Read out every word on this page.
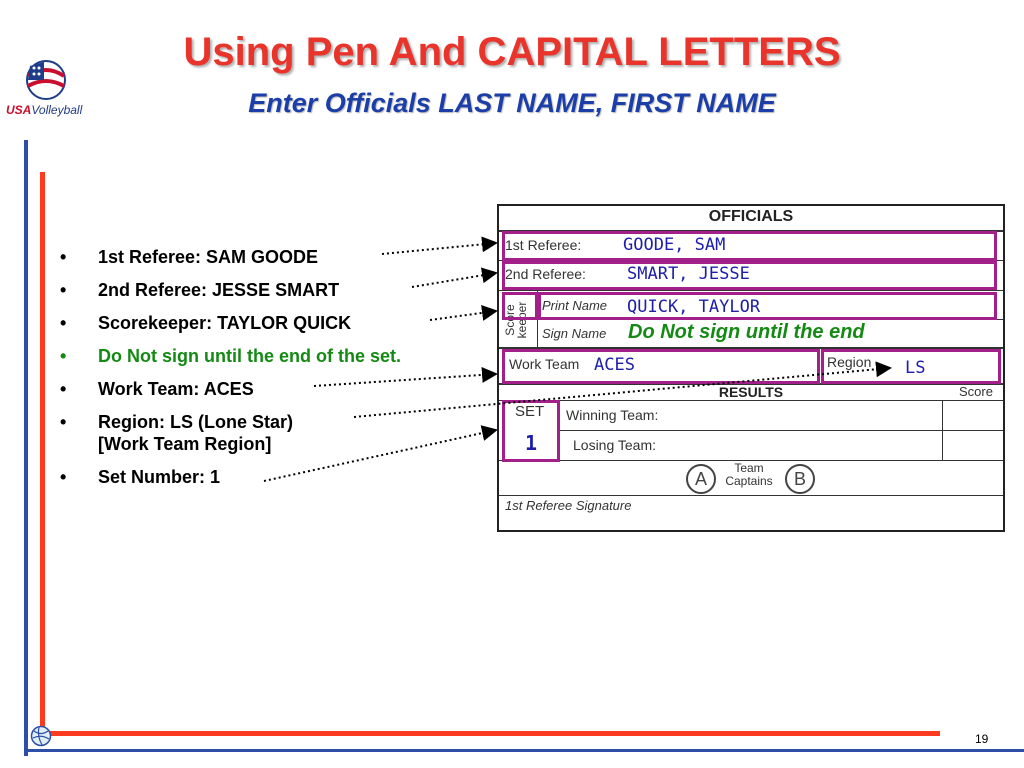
USAVolleyball
Using Pen And CAPITAL LETTERS
Enter Officials LAST NAME, FIRST NAME
19
• 1st Referee: SAM GOODE
• 2nd Referee: JESSE SMART
• Scorekeeper: TAYLOR QUICK
• Do Not sign until the end of the set.
• Work Team: ACES
• Region: LS (Lone Star)
[Work Team Region]
• Set Number: 1
OFFICIALS
1st Referee: GOODE, SAM
2nd Referee: SMART, JESSE
Score
keeper Print Name QUICK, TAYLOR
Sign Name Do Not sign until the end
Work Team ACES	Region LS
RESULTS	Score
SET
1
Winning Team:
Losing Team:
A
Team
Captains	B
1st Referee Signature
